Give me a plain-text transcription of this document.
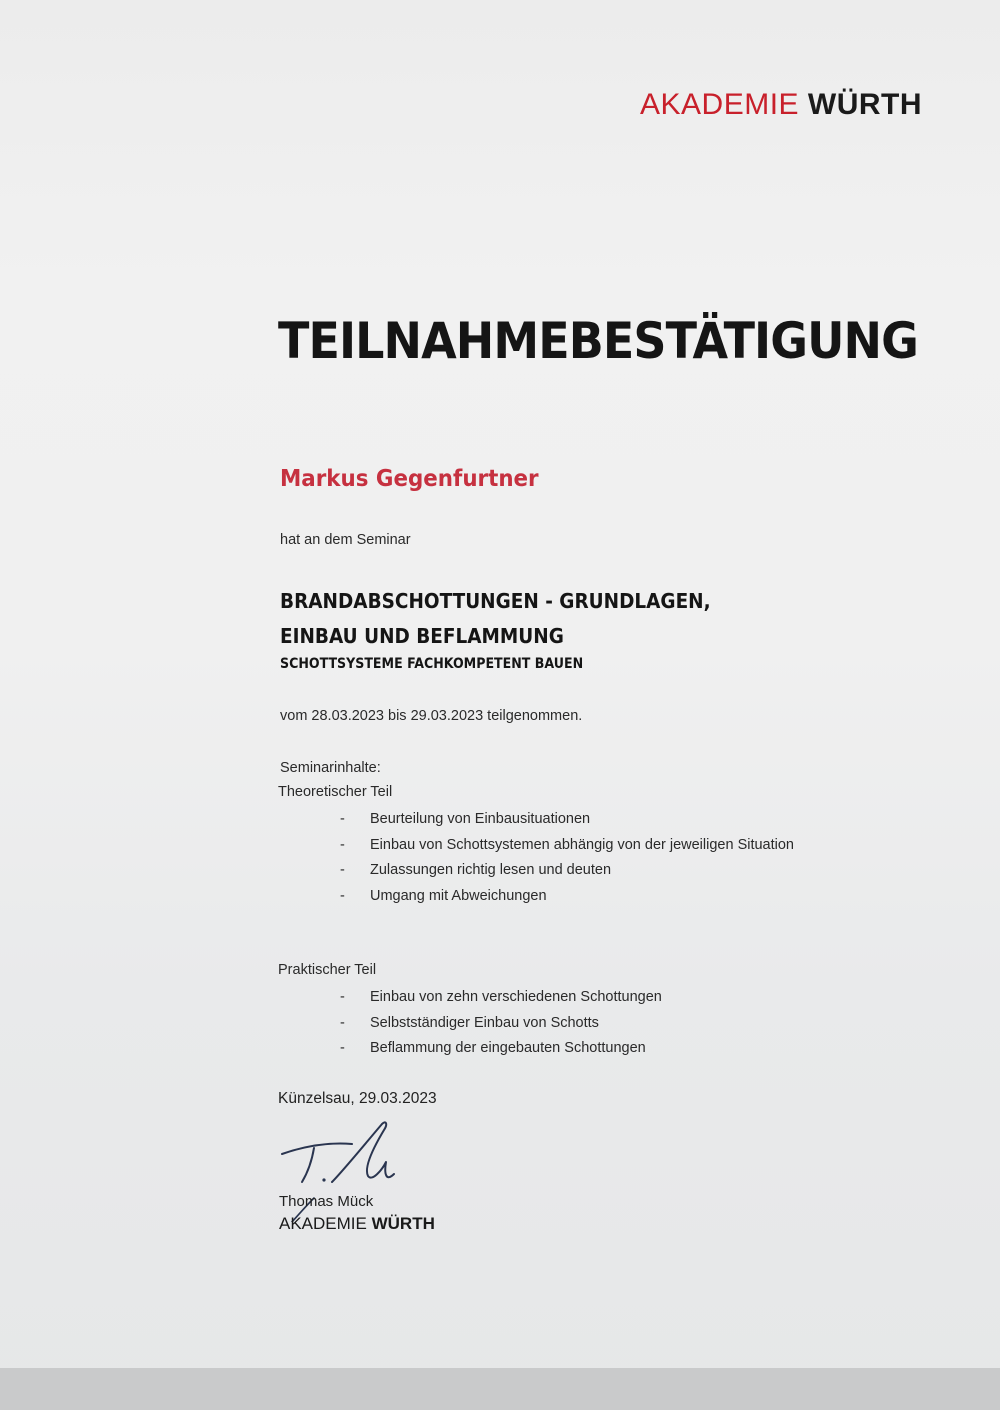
AKADEMIE WÜRTH
TEILNAHMEBESTÄTIGUNG
Markus Gegenfurtner
hat an dem Seminar
BRANDABSCHOTTUNGEN - GRUNDLAGEN, EINBAU UND BEFLAMMUNG
SCHOTTSYSTEME FACHKOMPETENT BAUEN
vom 28.03.2023 bis 29.03.2023 teilgenommen.
Seminarinhalte:
Theoretischer Teil
- Beurteilung von Einbausituationen
- Einbau von Schottsystemen abhängig von der jeweiligen Situation
- Zulassungen richtig lesen und deuten
- Umgang mit Abweichungen
Praktischer Teil
- Einbau von zehn verschiedenen Schottungen
- Selbstständiger Einbau von Schotts
- Beflammung der eingebauten Schottungen
Künzelsau, 29.03.2023
Thomas Mück
AKADEMIE WÜRTH
